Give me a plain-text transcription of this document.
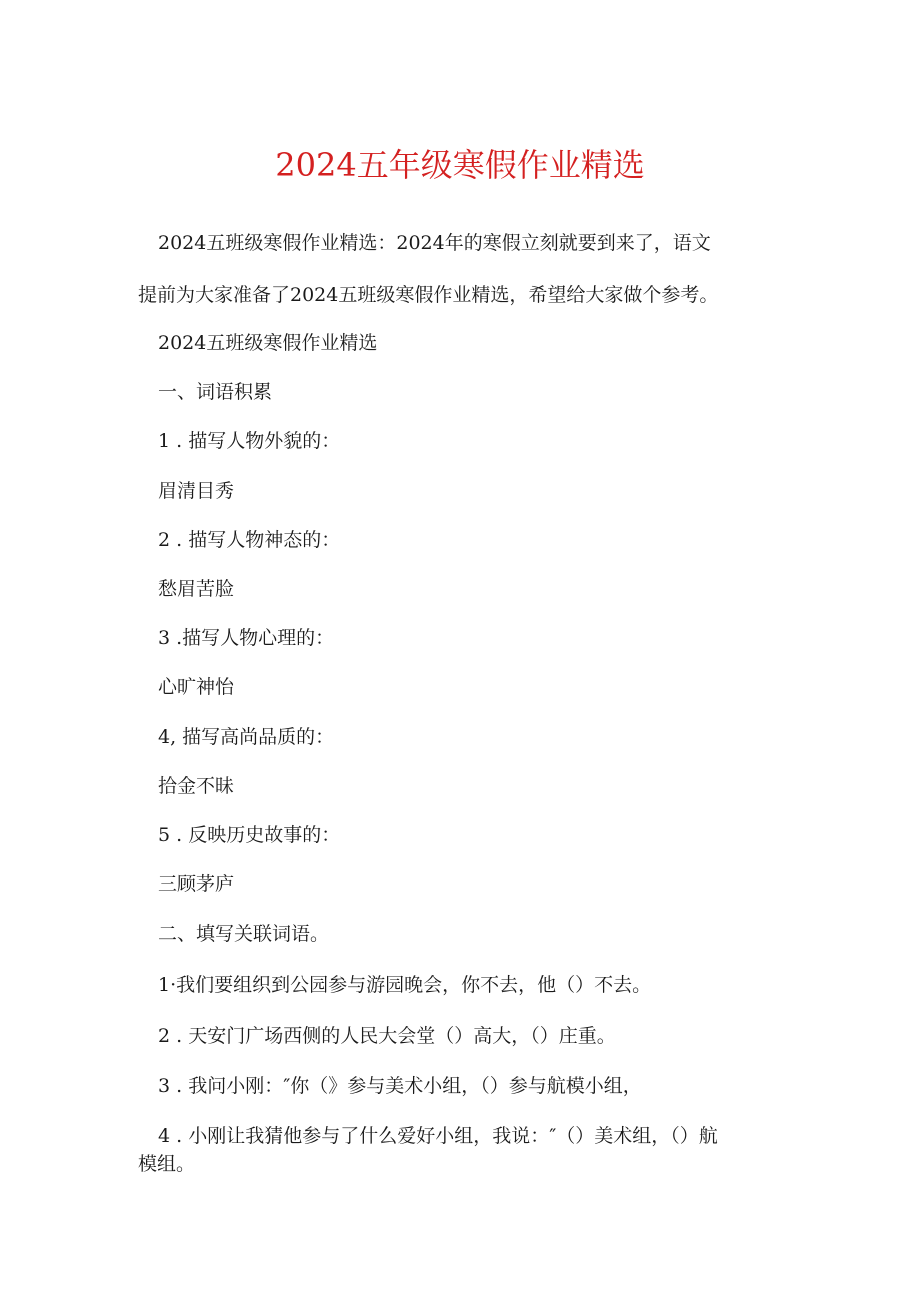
2024五年级寒假作业精选
2024五班级寒假作业精选：2024年的寒假立刻就要到来了，语文
提前为大家准备了2024五班级寒假作业精选，希望给大家做个参考。
2024五班级寒假作业精选
一、词语积累
1 . 描写人物外貌的：
眉清目秀
2 . 描写人物神态的：
愁眉苦脸
3 .描写人物心理的：
心旷神怡
4, 描写高尚品质的：
拾金不昧
5 . 反映历史故事的：
三顾茅庐
二、填写关联词语。
1·我们要组织到公园参与游园晚会，你不去，他（）不去。
2 . 天安门广场西侧的人民大会堂（）高大，（）庄重。
3 . 我问小刚：″你（》参与美术小组，（）参与航模小组，
4 . 小刚让我猜他参与了什么爱好小组，我说：″（）美术组，（）航
模组。
